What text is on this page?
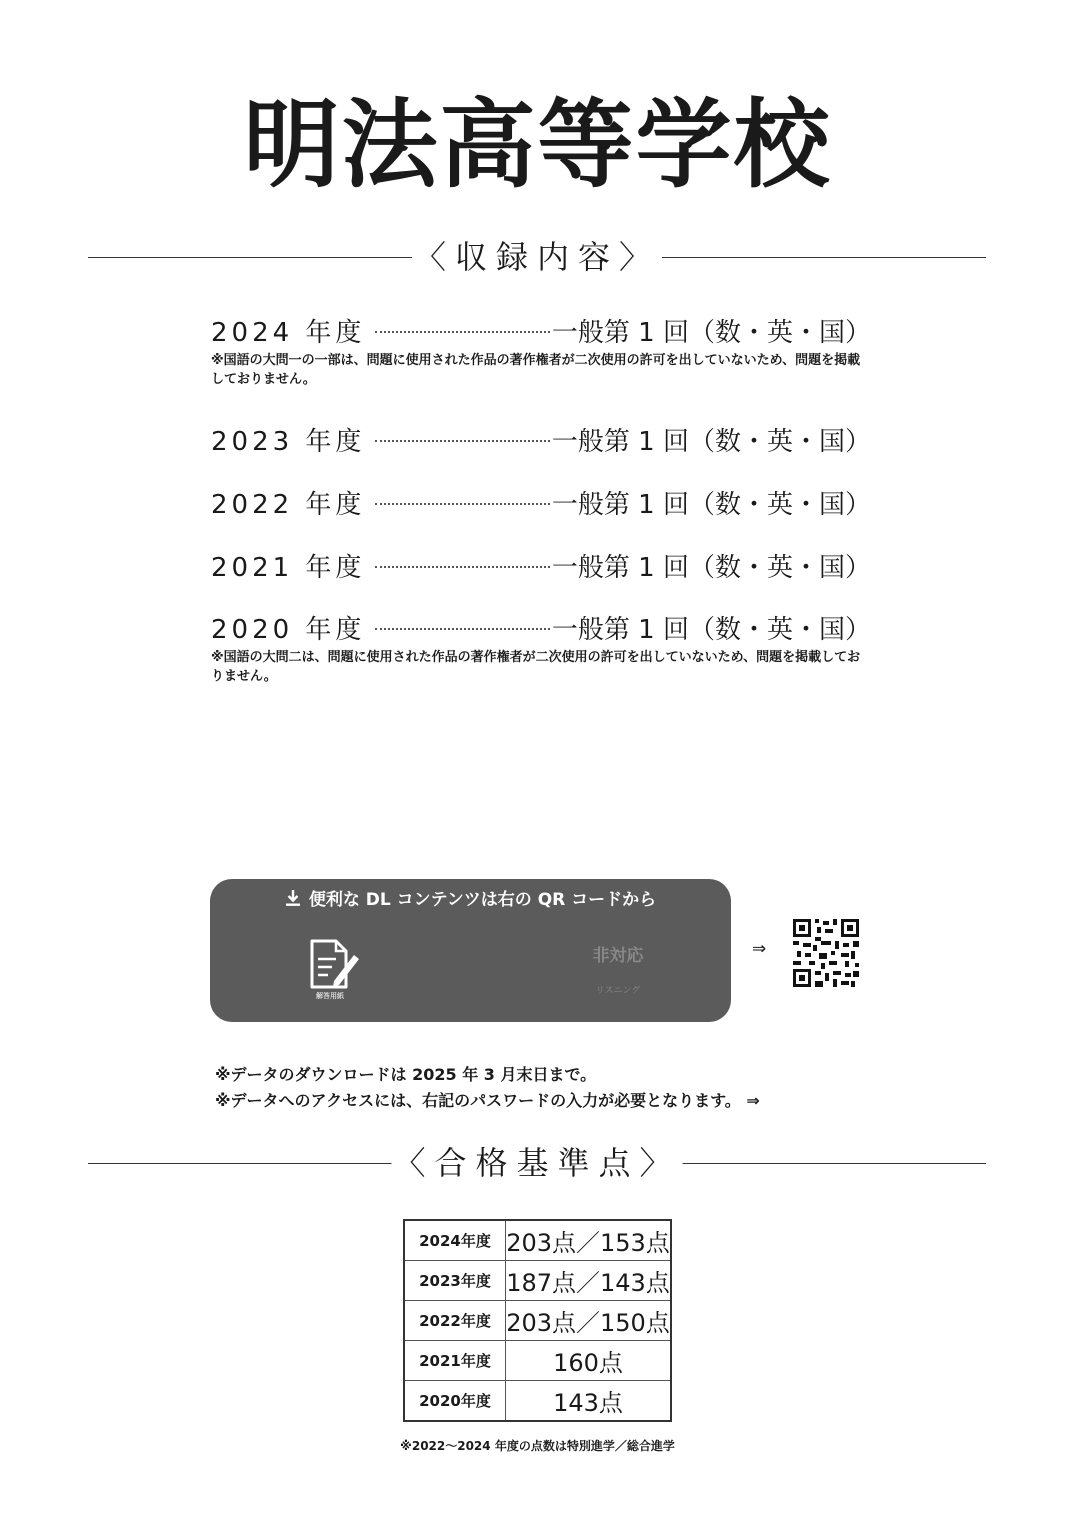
明法高等学校
〈収録内容〉
2024 年度	一般第 1 回（数・英・国）
※国語の大問一の一部は、問題に使用された作品の著作権者が二次使用の許可を出していないため、問題を掲載しておりません。
2023 年度	一般第 1 回（数・英・国）
2022 年度	一般第 1 回（数・英・国）
2021 年度	一般第 1 回（数・英・国）
2020 年度	一般第 1 回（数・英・国）
※国語の大問二は、問題に使用された作品の著作権者が二次使用の許可を出していないため、問題を掲載しておりません。
便利な DL コンテンツは右の QR コードから
解答用紙
非対応
リスニング
⇒
※データのダウンロードは 2025 年 3 月末日まで。
※データへのアクセスには、右記のパスワードの入力が必要となります。 ⇒
〈合格基準点〉
2024年度	203点／153点
2023年度	187点／143点
2022年度	203点／150点
2021年度	160点
2020年度	143点
※2022～2024 年度の点数は特別進学／総合進学
